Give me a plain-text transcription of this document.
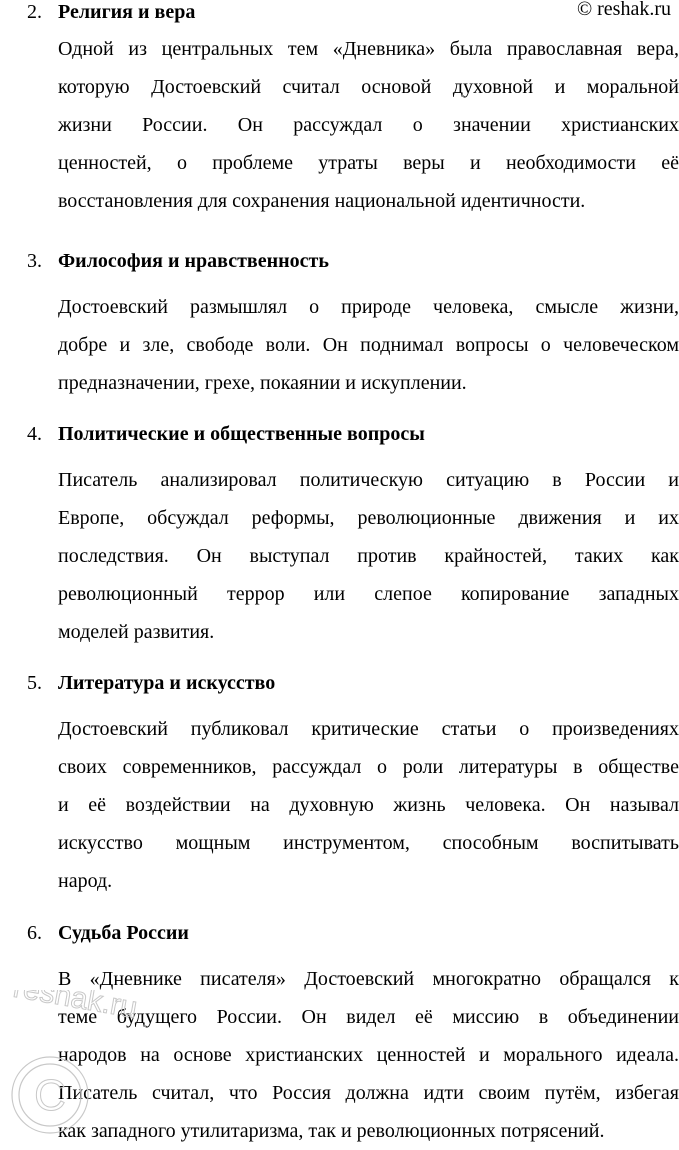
© reshak.ru
2. Религия и вера
Одной из центральных тем «Дневника» была православная вера,
которую Достоевский считал основой духовной и моральной
жизни России. Он рассуждал о значении христианских
ценностей, о проблеме утраты веры и необходимости её
восстановления для сохранения национальной идентичности.
3. Философия и нравственность
Достоевский размышлял о природе человека, смысле жизни,
добре и зле, свободе воли. Он поднимал вопросы о человеческом
предназначении, грехе, покаянии и искуплении.
4. Политические и общественные вопросы
Писатель анализировал политическую ситуацию в России и
Европе, обсуждал реформы, революционные движения и их
последствия. Он выступал против крайностей, таких как
революционный террор или слепое копирование западных
моделей развития.
5. Литература и искусство
Достоевский публиковал критические статьи о произведениях
своих современников, рассуждал о роли литературы в обществе
и её воздействии на духовную жизнь человека. Он называл
искусство мощным инструментом, способным воспитывать
народ.
6. Судьба России
В «Дневнике писателя» Достоевский многократно обращался к
теме будущего России. Он видел её миссию в объединении
народов на основе христианских ценностей и морального идеала.
Писатель считал, что Россия должна идти своим путём, избегая
как западного утилитаризма, так и революционных потрясений.
C
reshak.ru
